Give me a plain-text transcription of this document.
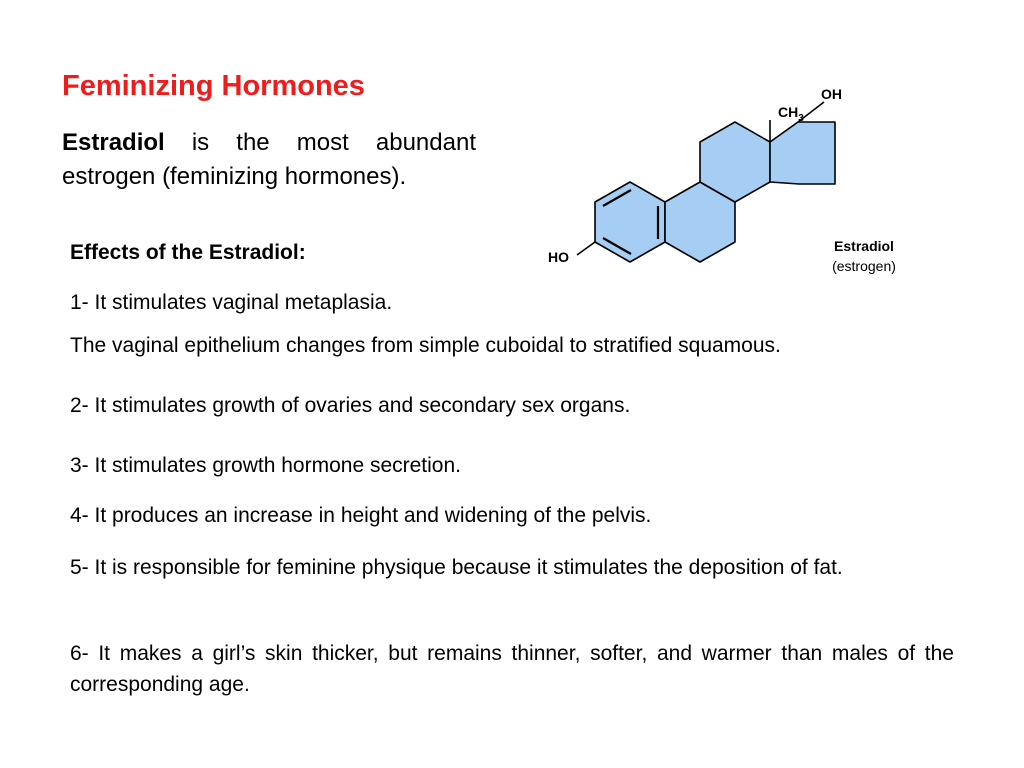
Feminizing Hormones

Estradiol is the most abundant estrogen (feminizing hormones).

HO
OH
$CH_3$
Estradiol
(estrogen)
Effects of the Estradiol:

1- It stimulates vaginal metaplasia.

The vaginal epithelium changes from simple cuboidal to stratified squamous.

2- It stimulates growth of ovaries and secondary sex organs.

3- It stimulates growth hormone secretion.

4- It produces an increase in height and widening of the pelvis.

5- It is responsible for feminine physique because it stimulates the deposition of fat.

6- It makes a girl’s skin thicker, but remains thinner, softer, and warmer than males of the corresponding age.
